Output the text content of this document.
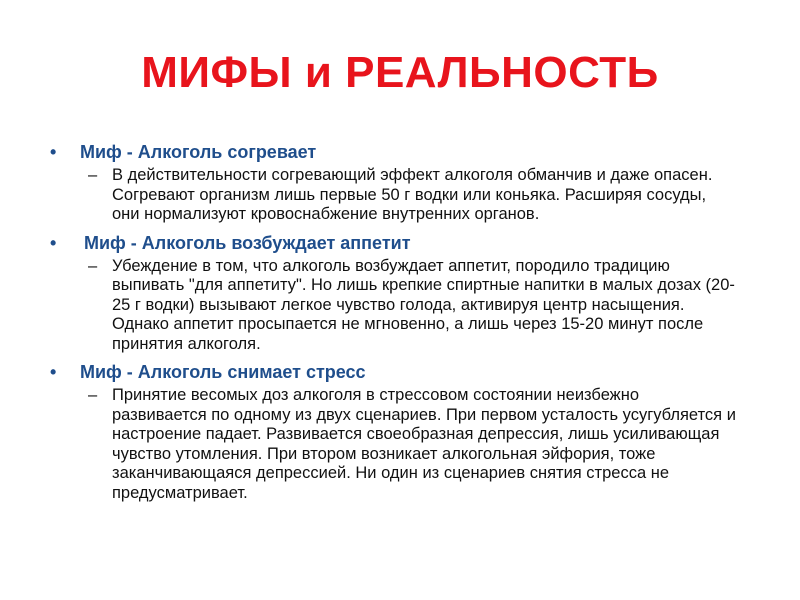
МИФЫ и РЕАЛЬНОСТЬ
• Миф - Алкоголь согревает
– В действительности согревающий эффект алкоголя обманчив и даже опасен. Согревают организм лишь первые 50 г водки или коньяка. Расширяя сосуды, они нормализуют кровоснабжение внутренних органов.
• Миф - Алкоголь возбуждает аппетит
– Убеждение в том, что алкоголь возбуждает аппетит, породило традицию выпивать "для аппетиту". Но лишь крепкие спиртные напитки в малых дозах (20-25 г водки) вызывают легкое чувство голода, активируя центр насыщения. Однако аппетит просыпается не мгновенно, а лишь через 15-20 минут после принятия алкоголя.
• Миф - Алкоголь снимает стресс
– Принятие весомых доз алкоголя в стрессовом состоянии неизбежно развивается по одному из двух сценариев. При первом усталость усугубляется и настроение падает. Развивается своеобразная депрессия, лишь усиливающая чувство утомления. При втором возникает алкогольная эйфория, тоже заканчивающаяся депрессией. Ни один из сценариев снятия стресса не предусматривает.
